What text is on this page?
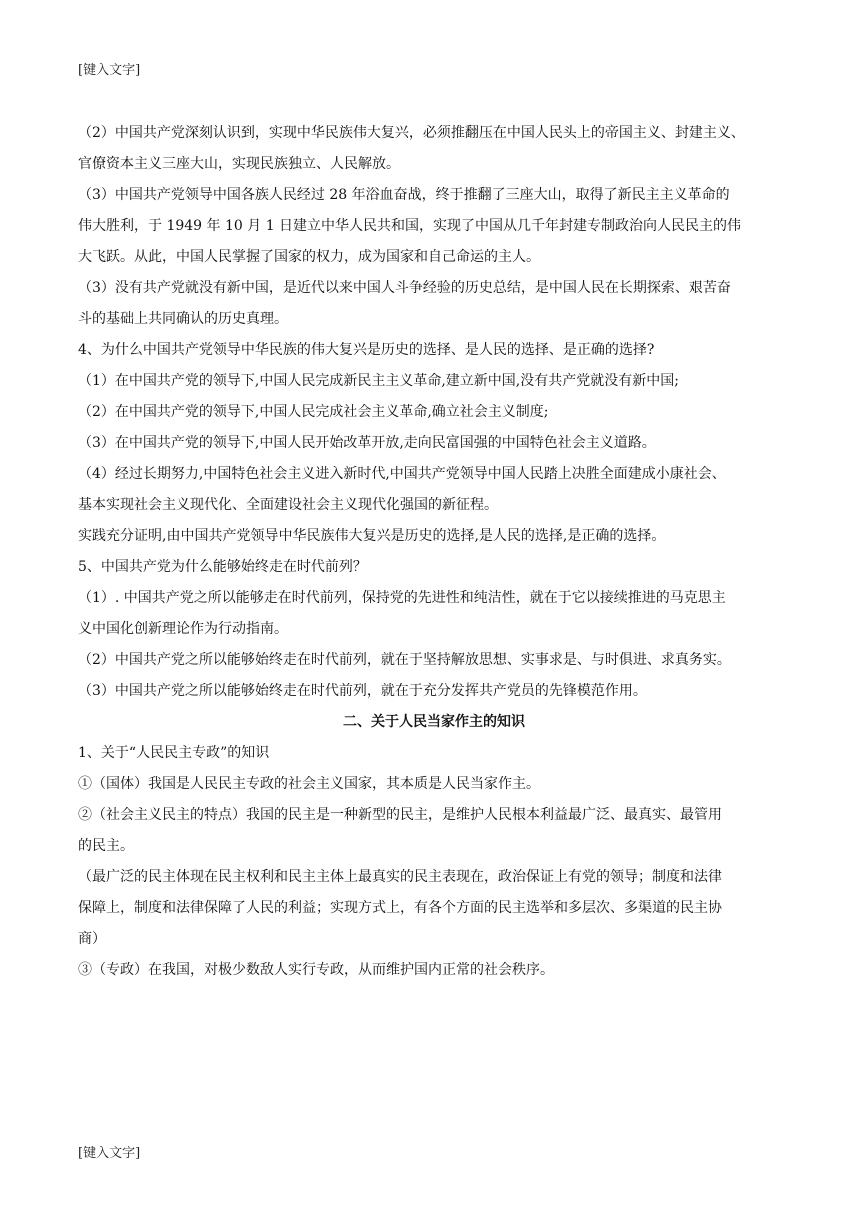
[键入文字]

（2）中国共产党深刻认识到，实现中华民族伟大复兴，必须推翻压在中国人民头上的帝国主义、封建主义、

官僚资本主义三座大山，实现民族独立、人民解放。

（3）中国共产党领导中国各族人民经过 28 年浴血奋战，终于推翻了三座大山，取得了新民主主义革命的

伟大胜利，于 1949 年 10 月 1 日建立中华人民共和国，实现了中国从几千年封建专制政治向人民民主的伟

大飞跃。从此，中国人民掌握了国家的权力，成为国家和自己命运的主人。

（3）没有共产党就没有新中国，是近代以来中国人斗争经验的历史总结，是中国人民在长期探索、艰苦奋

斗的基础上共同确认的历史真理。

4、为什么中国共产党领导中华民族的伟大复兴是历史的选择、是人民的选择、是正确的选择?

（1）在中国共产党的领导下,中国人民完成新民主主义革命,建立新中国,没有共产党就没有新中国;

（2）在中国共产党的领导下,中国人民完成社会主义革命,确立社会主义制度;

（3）在中国共产党的领导下,中国人民开始改革开放,走向民富国强的中国特色社会主义道路。

（4）经过长期努力,中国特色社会主义进入新时代,中国共产党领导中国人民踏上决胜全面建成小康社会、

基本实现社会主义现代化、全面建设社会主义现代化强国的新征程。

实践充分证明,由中国共产党领导中华民族伟大复兴是历史的选择,是人民的选择,是正确的选择。

5、中国共产党为什么能够始终走在时代前列？

（1）. 中国共产党之所以能够走在时代前列，保持党的先进性和纯洁性，就在于它以接续推进的马克思主

义中国化创新理论作为行动指南。

（2）中国共产党之所以能够始终走在时代前列，就在于坚持解放思想、实事求是、与时俱进、求真务实。

（3）中国共产党之所以能够始终走在时代前列，就在于充分发挥共产党员的先锋模范作用。

二、关于人民当家作主的知识

1、关于“人民民主专政”的知识

①（国体）我国是人民民主专政的社会主义国家，其本质是人民当家作主。

②（社会主义民主的特点）我国的民主是一种新型的民主，是维护人民根本利益最广泛、最真实、最管用

的民主。

（最广泛的民主体现在民主权利和民主主体上最真实的民主表现在，政治保证上有党的领导；制度和法律

保障上，制度和法律保障了人民的利益；实现方式上，有各个方面的民主选举和多层次、多渠道的民主协

商）

③（专政）在我国，对极少数敌人实行专政，从而维护国内正常的社会秩序。

[键入文字]
